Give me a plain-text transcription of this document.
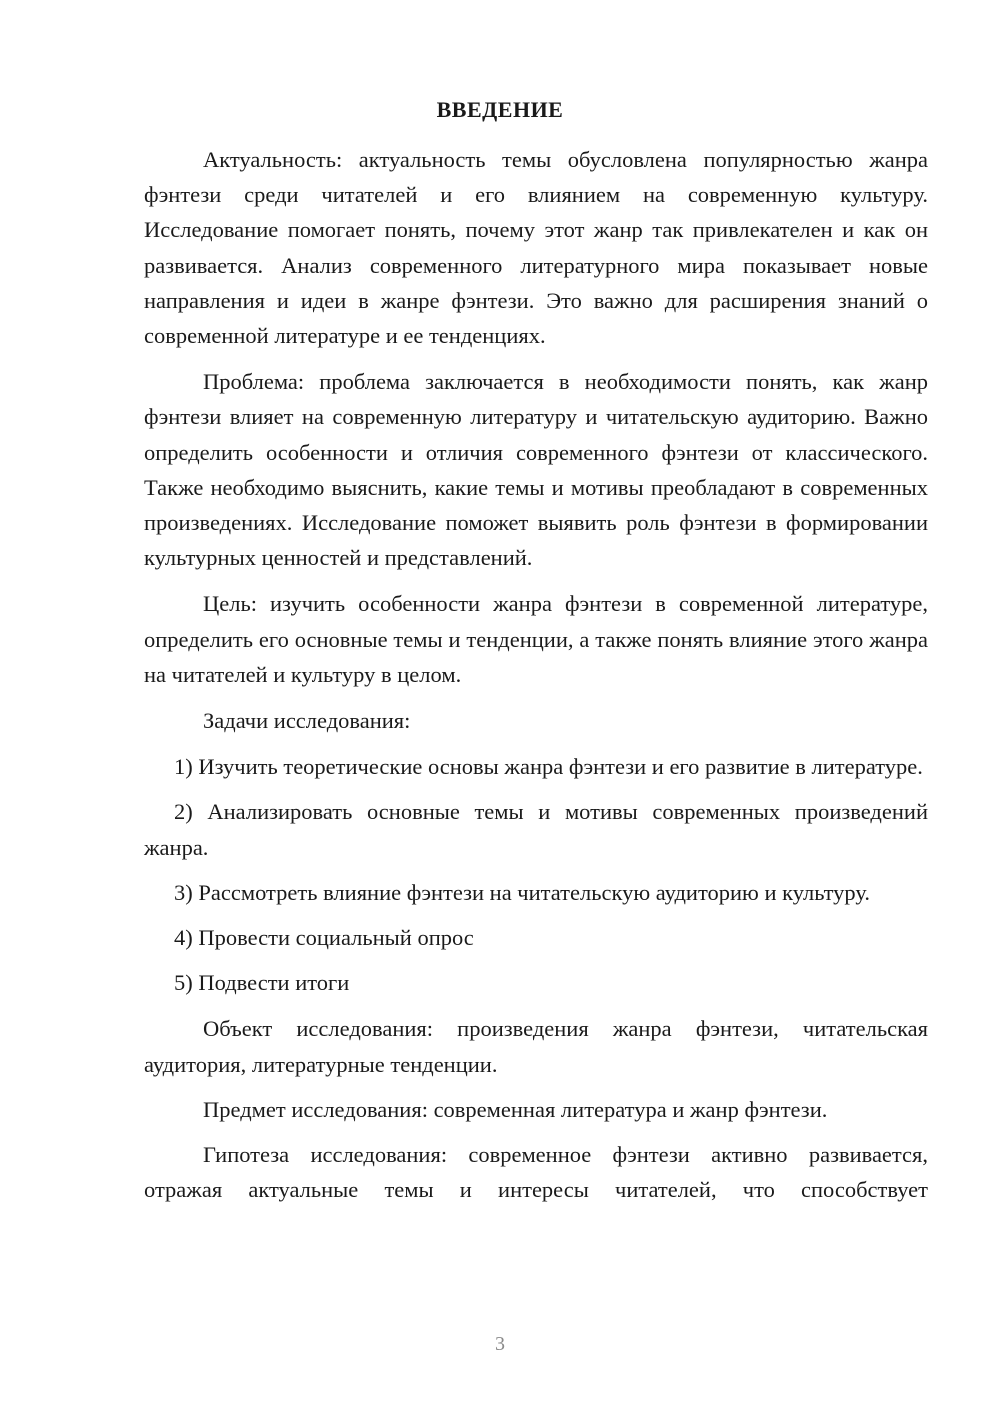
ВВЕДЕНИЕ

Актуальность: актуальность темы обусловлена популярностью жанра фэнтези среди читателей и его влиянием на современную культуру. Исследование помогает понять, почему этот жанр так привлекателен и как он развивается. Анализ современного литературного мира показывает новые направления и идеи в жанре фэнтези. Это важно для расширения знаний о современной литературе и ее тенденциях.

Проблема: проблема заключается в необходимости понять, как жанр фэнтези влияет на современную литературу и читательскую аудиторию. Важно определить особенности и отличия современного фэнтези от классического. Также необходимо выяснить, какие темы и мотивы преобладают в современных произведениях. Исследование поможет выявить роль фэнтези в формировании культурных ценностей и представлений.

Цель: изучить особенности жанра фэнтези в современной литературе, определить его основные темы и тенденции, а также понять влияние этого жанра на читателей и культуру в целом.

Задачи исследования:

1) Изучить теоретические основы жанра фэнтези и его развитие в литературе.

2) Анализировать основные темы и мотивы современных произведений жанра.

3) Рассмотреть влияние фэнтези на читательскую аудиторию и культуру.

4) Провести социальный опрос

5) Подвести итоги

Объект исследования: произведения жанра фэнтези, читательская аудитория, литературные тенденции.

Предмет исследования: современная литература и жанр фэнтези.

Гипотеза исследования: современное фэнтези активно развивается, отражая актуальные темы и интересы читателей, что способствует

3
